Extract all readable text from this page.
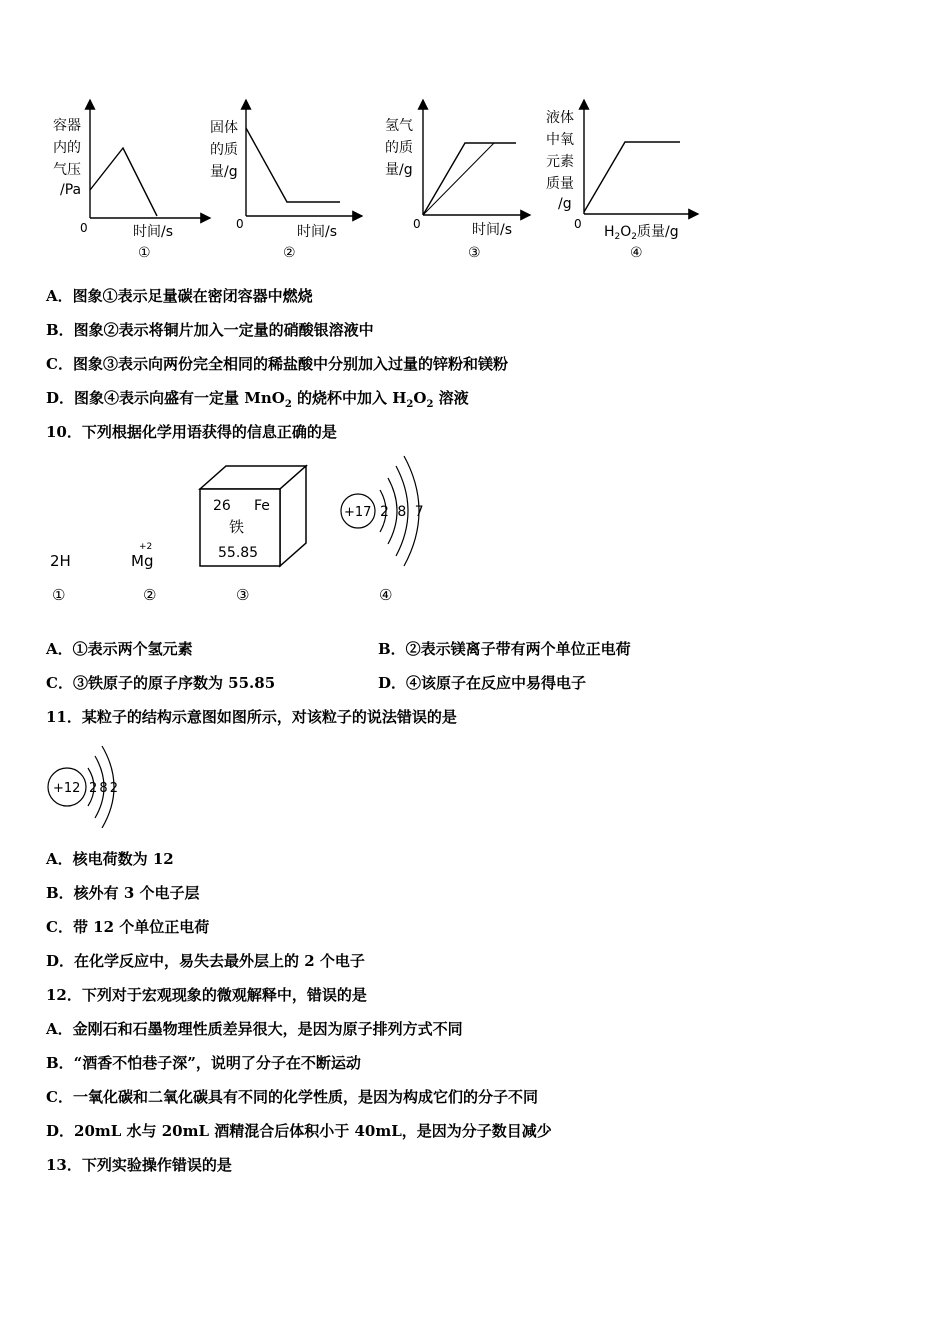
容器
内的
气压
/Pa
0	时间/s
①
固体
的质
量/g
0	时间/s
②
氢气
的质
量/g
0	时间/s
③
液体
中氧
元素
质量
/g
0 $H_2O_2$质量/g
④
A．图象①表示足量碳在密闭容器中燃烧
B．图象②表示将铜片加入一定量的硝酸银溶液中
C．图象③表示向两份完全相同的稀盐酸中分别加入过量的锌粉和镁粉
D．图象④表示向盛有一定量 MnO$_2$ 的烧杯中加入 $H_2O_2$ 溶液
10．下列根据化学用语获得的信息正确的是
2H
+2
Mg
26 Fe
铁
55.85
+17 2 8 7
①	②	③	④
A．①表示两个氢元素	B．②表示镁离子带有两个单位正电荷
C．③铁原子的原子序数为 55.85	D．④该原子在反应中易得电子
11．某粒子的结构示意图如图所示，对该粒子的说法错误的是
+12 2 8 2
A．核电荷数为 12
B．核外有 3 个电子层
C．带 12 个单位正电荷
D．在化学反应中，易失去最外层上的 2 个电子
12．下列对于宏观现象的微观解释中，错误的是
A．金刚石和石墨物理性质差异很大，是因为原子排列方式不同
B．“酒香不怕巷子深”，说明了分子在不断运动
C．一氧化碳和二氧化碳具有不同的化学性质，是因为构成它们的分子不同
D．20mL 水与 20mL 酒精混合后体积小于 40mL，是因为分子数目减少
13．下列实验操作错误的是
